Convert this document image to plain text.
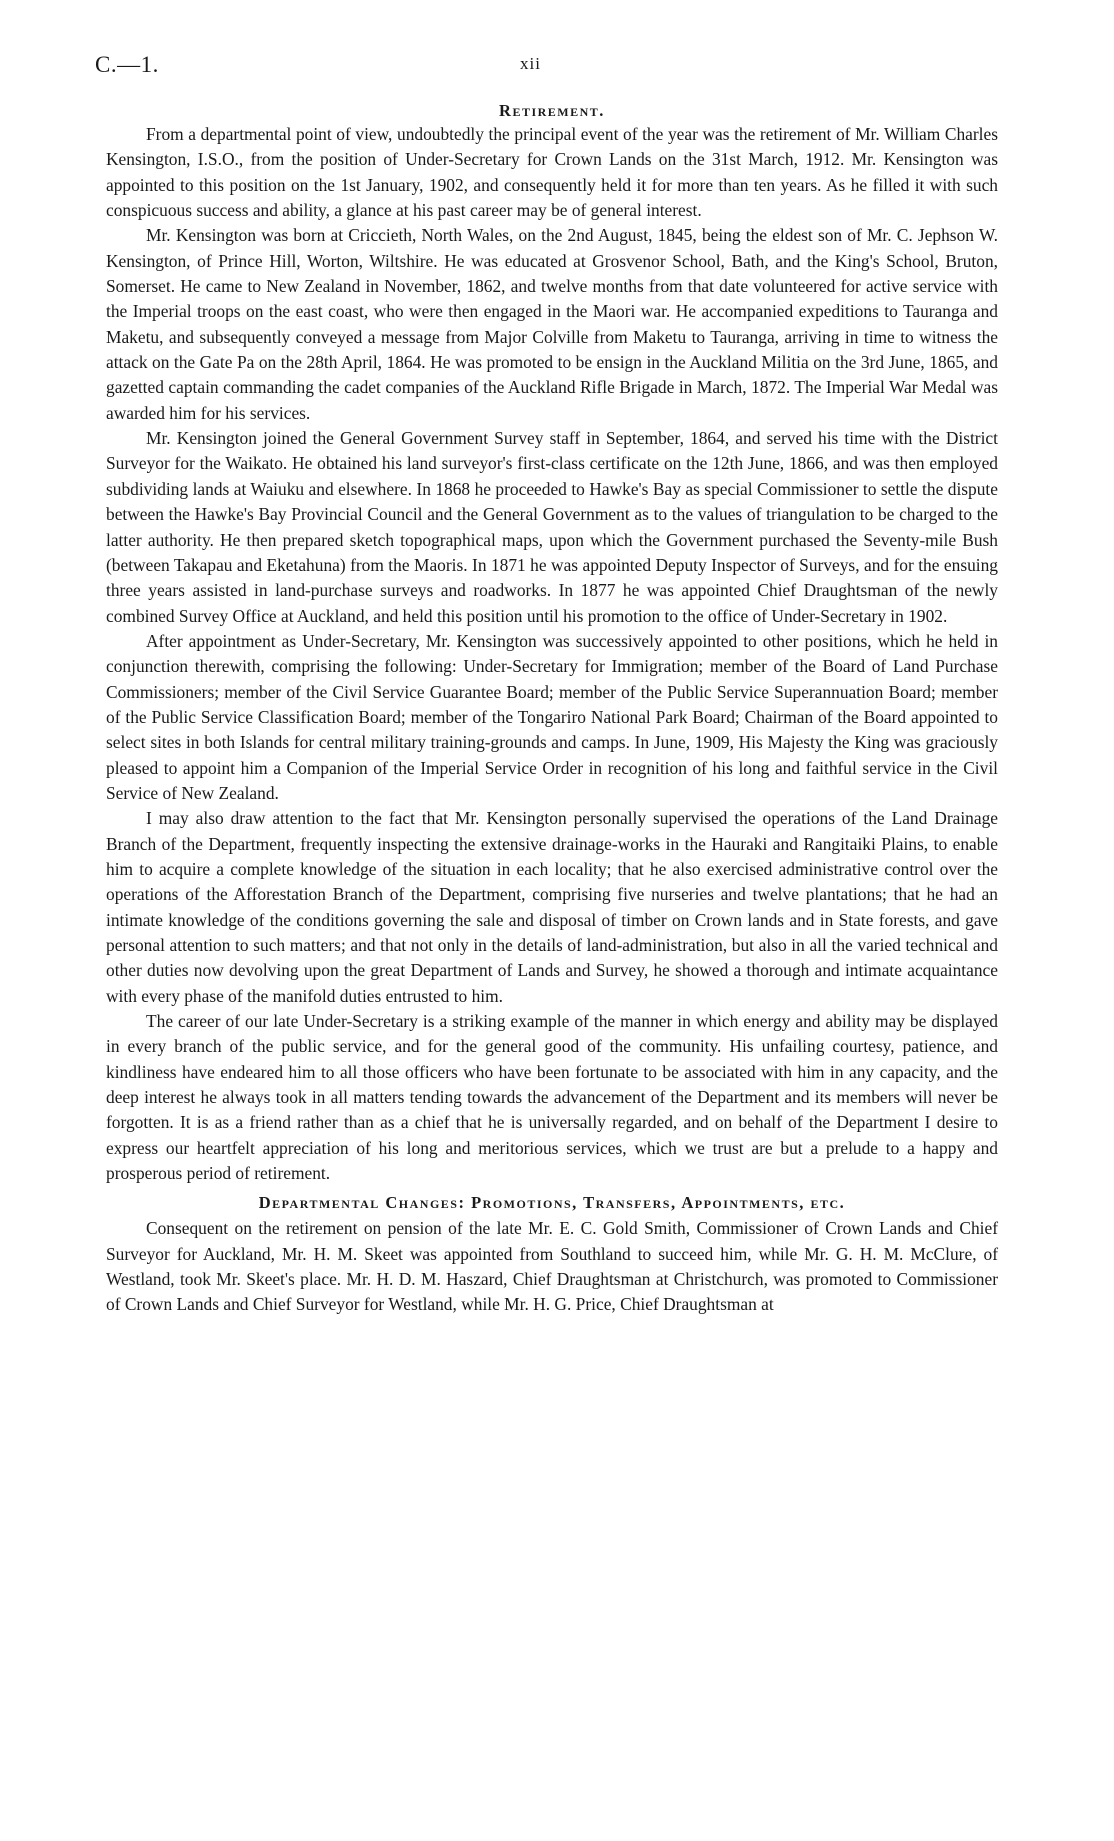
C.—1.	xii
Retirement.

From a departmental point of view, undoubtedly the principal event of the year was the retirement of Mr. William Charles Kensington, I.S.O., from the position of Under-Secretary for Crown Lands on the 31st March, 1912. Mr. Kensington was appointed to this position on the 1st January, 1902, and consequently held it for more than ten years. As he filled it with such conspicuous success and ability, a glance at his past career may be of general interest.

Mr. Kensington was born at Criccieth, North Wales, on the 2nd August, 1845, being the eldest son of Mr. C. Jephson W. Kensington, of Prince Hill, Worton, Wiltshire. He was educated at Grosvenor School, Bath, and the King's School, Bruton, Somerset. He came to New Zealand in November, 1862, and twelve months from that date volunteered for active service with the Imperial troops on the east coast, who were then engaged in the Maori war. He accompanied expeditions to Tauranga and Maketu, and subsequently conveyed a message from Major Colville from Maketu to Tauranga, arriving in time to witness the attack on the Gate Pa on the 28th April, 1864. He was promoted to be ensign in the Auckland Militia on the 3rd June, 1865, and gazetted captain commanding the cadet companies of the Auckland Rifle Brigade in March, 1872. The Imperial War Medal was awarded him for his services.

Mr. Kensington joined the General Government Survey staff in September, 1864, and served his time with the District Surveyor for the Waikato. He obtained his land surveyor's first-class certificate on the 12th June, 1866, and was then employed subdividing lands at Waiuku and elsewhere. In 1868 he proceeded to Hawke's Bay as special Commissioner to settle the dispute between the Hawke's Bay Provincial Council and the General Government as to the values of triangulation to be charged to the latter authority. He then prepared sketch topographical maps, upon which the Government purchased the Seventy-mile Bush (between Takapau and Eketahuna) from the Maoris. In 1871 he was appointed Deputy Inspector of Surveys, and for the ensuing three years assisted in land-purchase surveys and roadworks. In 1877 he was appointed Chief Draughtsman of the newly combined Survey Office at Auckland, and held this position until his promotion to the office of Under-Secretary in 1902.

After appointment as Under-Secretary, Mr. Kensington was successively appointed to other positions, which he held in conjunction therewith, comprising the following: Under-Secretary for Immigration; member of the Board of Land Purchase Commissioners; member of the Civil Service Guarantee Board; member of the Public Service Superannuation Board; member of the Public Service Classification Board; member of the Tongariro National Park Board; Chairman of the Board appointed to select sites in both Islands for central military training-grounds and camps. In June, 1909, His Majesty the King was graciously pleased to appoint him a Companion of the Imperial Service Order in recognition of his long and faithful service in the Civil Service of New Zealand.

I may also draw attention to the fact that Mr. Kensington personally supervised the operations of the Land Drainage Branch of the Department, frequently inspecting the extensive drainage-works in the Hauraki and Rangitaiki Plains, to enable him to acquire a complete knowledge of the situation in each locality; that he also exercised administrative control over the operations of the Afforestation Branch of the Department, comprising five nurseries and twelve plantations; that he had an intimate knowledge of the conditions governing the sale and disposal of timber on Crown lands and in State forests, and gave personal attention to such matters; and that not only in the details of land-administration, but also in all the varied technical and other duties now devolving upon the great Department of Lands and Survey, he showed a thorough and intimate acquaintance with every phase of the manifold duties entrusted to him.

The career of our late Under-Secretary is a striking example of the manner in which energy and ability may be displayed in every branch of the public service, and for the general good of the community. His unfailing courtesy, patience, and kindliness have endeared him to all those officers who have been fortunate to be associated with him in any capacity, and the deep interest he always took in all matters tending towards the advancement of the Department and its members will never be forgotten. It is as a friend rather than as a chief that he is universally regarded, and on behalf of the Department I desire to express our heartfelt appreciation of his long and meritorious services, which we trust are but a prelude to a happy and prosperous period of retirement.

Departmental Changes: Promotions, Transfers, Appointments, etc.

Consequent on the retirement on pension of the late Mr. E. C. Gold Smith, Commissioner of Crown Lands and Chief Surveyor for Auckland, Mr. H. M. Skeet was appointed from Southland to succeed him, while Mr. G. H. M. McClure, of Westland, took Mr. Skeet's place. Mr. H. D. M. Haszard, Chief Draughtsman at Christchurch, was promoted to Commissioner of Crown Lands and Chief Surveyor for Westland, while Mr. H. G. Price, Chief Draughtsman at
